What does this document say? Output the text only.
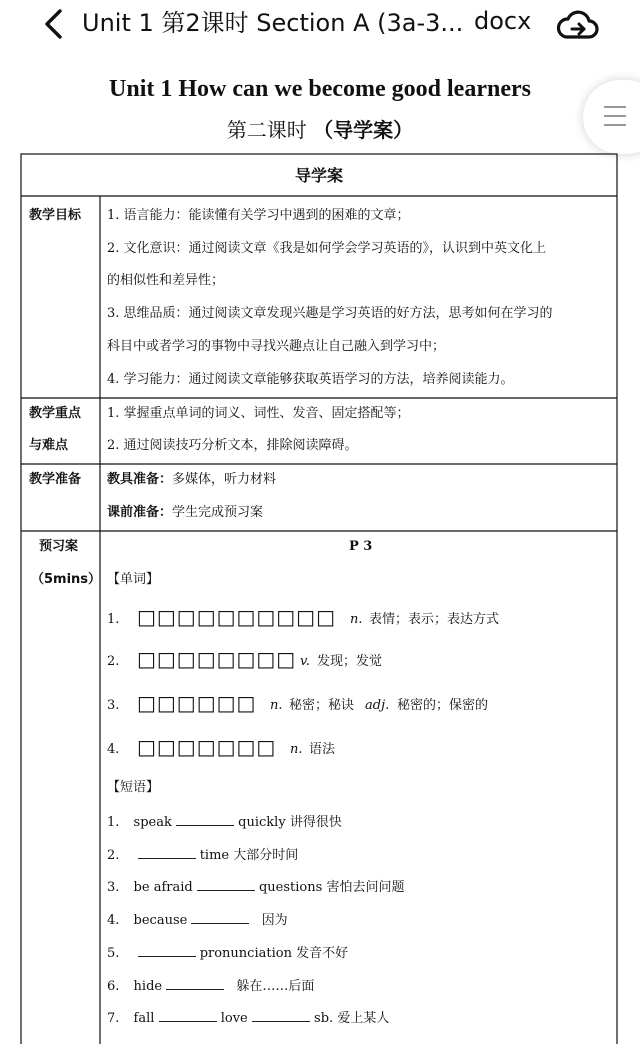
Unit 1 第2课时 Section A (3a-3... docx
Unit 1 How can we become good learners
第二课时 （导学案）
导学案
教学目标 1. 语言能力：能读懂有关学习中遇到的困难的文章；
2. 文化意识：通过阅读文章《我是如何学会学习英语的》，认识到中英文化上
的相似性和差异性；
3. 思维品质：通过阅读文章发现兴趣是学习英语的好方法，思考如何在学习的
科目中或者学习的事物中寻找兴趣点让自己融入到学习中；
4. 学习能力：通过阅读文章能够获取英语学习的方法，培养阅读能力。
教学重点
与难点
1. 掌握重点单词的词义、词性、发音、固定搭配等；
2. 通过阅读技巧分析文本，排除阅读障碍。
教学准备 教具准备：多媒体，听力材料
课前准备：学生完成预习案
预习案
（5mins）
P 3
【单词】
1. □□□□□□□□□□ n. 表情；表示；表达方式
2. □□□□□□□□ v. 发现；发觉
3. □□□□□□ n. 秘密；秘诀 adj. 秘密的；保密的
4. □□□□□□□ n. 语法
【短语】
1. speak	quickly 讲得很快
2.	time 大部分时间
3. be afraid	questions 害怕去问问题
4. because	因为
5.	pronunciation 发音不好
6. hide	躲在……后面
7. fall	love	sb. 爱上某人
